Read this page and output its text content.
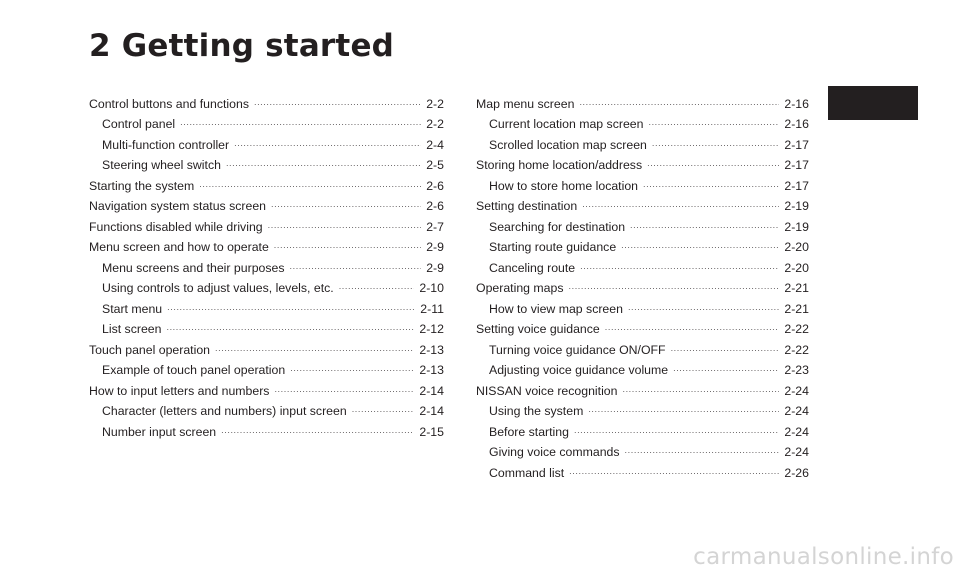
2 Getting started
Control buttons and functions .....	2-2
Control panel .....	2-2
Multi-function controller .....	2-4
Steering wheel switch .....	2-5
Starting the system .....	2-6
Navigation system status screen .....	2-6
Functions disabled while driving .....	2-7
Menu screen and how to operate .....	2-9
Menu screens and their purposes .....	2-9
Using controls to adjust values, levels, etc. .....	2-10
Start menu .....	2-11
List screen .....	2-12
Touch panel operation .....	2-13
Example of touch panel operation .....	2-13
How to input letters and numbers .....	2-14
Character (letters and numbers) input screen .....	2-14
Number input screen .....	2-15
Map menu screen .....	2-16
Current location map screen .....	2-16
Scrolled location map screen .....	2-17
Storing home location/address .....	2-17
How to store home location .....	2-17
Setting destination .....	2-19
Searching for destination .....	2-19
Starting route guidance .....	2-20
Canceling route .....	2-20
Operating maps .....	2-21
How to view map screen .....	2-21
Setting voice guidance .....	2-22
Turning voice guidance ON/OFF .....	2-22
Adjusting voice guidance volume .....	2-23
NISSAN voice recognition .....	2-24
Using the system .....	2-24
Before starting .....	2-24
Giving voice commands .....	2-24
Command list .....	2-26
carmanualsonline.info
